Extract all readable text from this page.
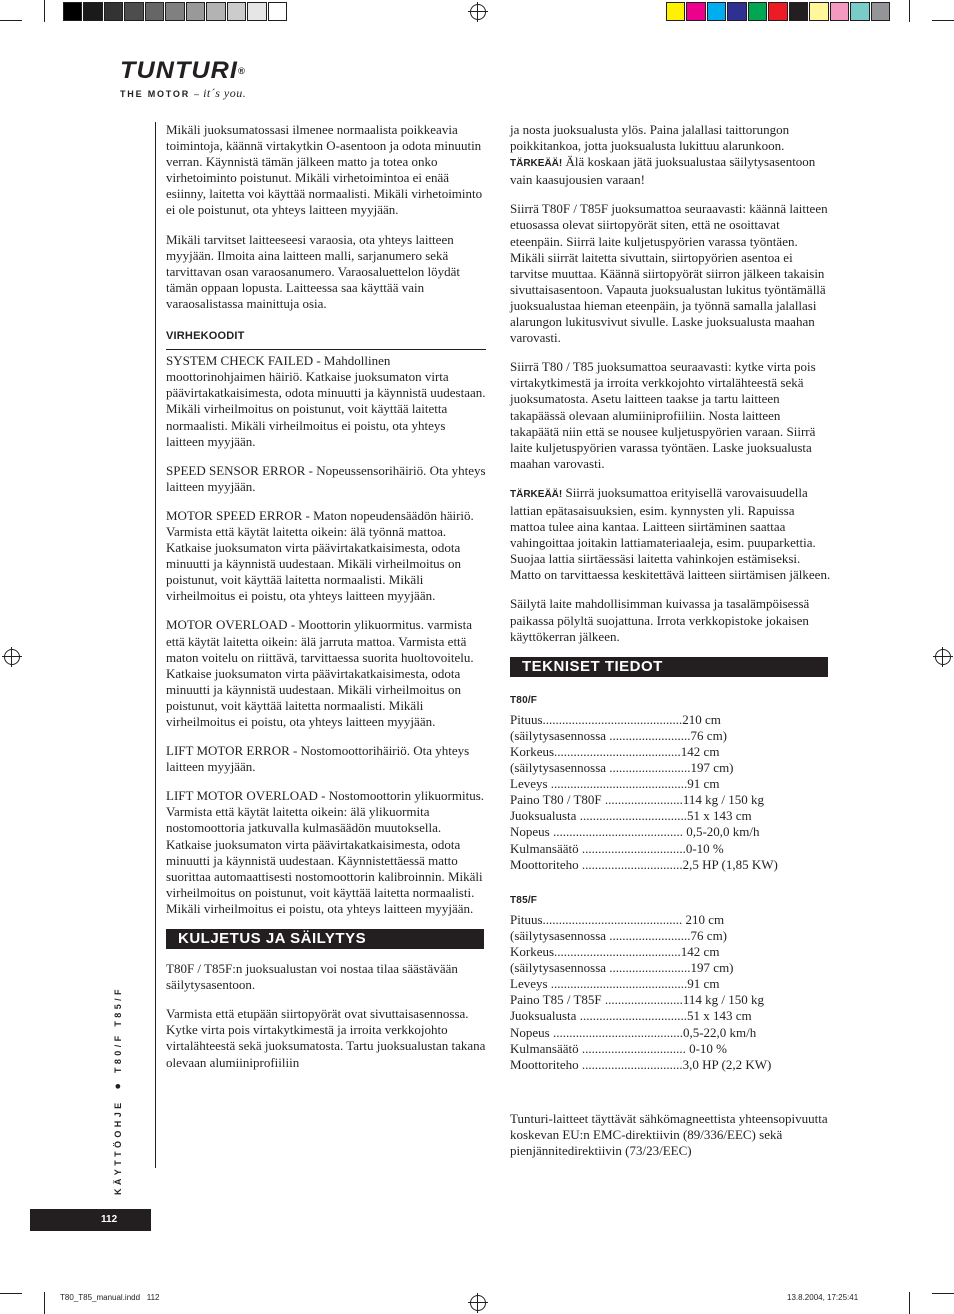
TUNTURI®
THE MOTOR – it´s you.

Mikäli juoksumatossasi ilmenee normaalista poikkeavia toimintoja, käännä virtakytkin O-asentoon ja odota minuutin verran. Käynnistä tämän jälkeen matto ja totea onko virhetoiminto poistunut. Mikäli virhetoimintoa ei enää esiinny, laitetta voi käyttää normaalisti. Mikäli virhetoiminto ei ole poistunut, ota yhteys laitteen myyjään.

Mikäli tarvitset laitteeseesi varaosia, ota yhteys laitteen myyjään. Ilmoita aina laitteen malli, sarjanumero sekä tarvittavan osan varaosanumero. Varaosaluettelon löydät tämän oppaan lopusta. Laitteessa saa käyttää vain varaosalistassa mainittuja osia.

VIRHEKOODIT

SYSTEM CHECK FAILED - Mahdollinen moottorinohjaimen häiriö. Katkaise juoksumaton virta päävirtakatkaisimesta, odota minuutti ja käynnistä uudestaan. Mikäli virheilmoitus on poistunut, voit käyttää laitetta normaalisti. Mikäli virheilmoitus ei poistu, ota yhteys laitteen myyjään.

SPEED SENSOR ERROR - Nopeussensorihäiriö. Ota yhteys laitteen myyjään.

MOTOR SPEED ERROR - Maton nopeudensäädön häiriö. Varmista että käytät laitetta oikein: älä työnnä mattoa. Katkaise juoksumaton virta päävirtakatkaisimesta, odota minuutti ja käynnistä uudestaan. Mikäli virheilmoitus on poistunut, voit käyttää laitetta normaalisti. Mikäli virheilmoitus ei poistu, ota yhteys laitteen myyjään.

MOTOR OVERLOAD - Moottorin ylikuormitus. varmista että käytät laitetta oikein: älä jarruta mattoa. Varmista että maton voitelu on riittävä, tarvittaessa suorita huoltovoitelu. Katkaise juoksumaton virta päävirtakatkaisimesta, odota minuutti ja käynnistä uudestaan. Mikäli virheilmoitus on poistunut, voit käyttää laitetta normaalisti. Mikäli virheilmoitus ei poistu, ota yhteys laitteen myyjään.

LIFT MOTOR ERROR - Nostomoottorihäiriö. Ota yhteys laitteen myyjään.

LIFT MOTOR OVERLOAD - Nostomoottorin ylikuormitus. Varmista että käytät laitetta oikein: älä ylikuormita nostomoottoria jatkuvalla kulmasäädön muutoksella. Katkaise juoksumaton virta päävirtakatkaisimesta, odota minuutti ja käynnistä uudestaan. Käynnistettäessä matto suorittaa automaattisesti nostomoottorin kalibroinnin. Mikäli virheilmoitus on poistunut, voit käyttää laitetta normaalisti. Mikäli virheilmoitus ei poistu, ota yhteys laitteen myyjään.

KULJETUS JA SÄILYTYS

T80F / T85F:n juoksualustan voi nostaa tilaa säästävään säilytysasentoon.

Varmista että etupään siirtopyörät ovat sivuttaisasennossa. Kytke virta pois virtakytkimestä ja irroita verkkojohto virtalähteestä sekä juoksumatosta. Tartu juoksualustan takana olevaan alumiiniprofiiliin

ja nosta juoksualusta ylös. Paina jalallasi taittorungon poikkitankoa, jotta juoksualusta lukittuu alarunkoon.
TÄRKEÄÄ! Älä koskaan jätä juoksualustaa säilytysasentoon vain kaasujousien varaan!

Siirrä T80F / T85F juoksumattoa seuraavasti: käännä laitteen etuosassa olevat siirtopyörät siten, että ne osoittavat eteenpäin. Siirrä laite kuljetuspyörien varassa työntäen. Mikäli siirrät laitetta sivuttain, siirtopyörien asentoa ei tarvitse muuttaa. Käännä siirtopyörät siirron jälkeen takaisin sivuttaisasentoon. Vapauta juoksualustan lukitus työntämällä juoksualustaa hieman eteenpäin, ja työnnä samalla jalallasi alarungon lukitusvivut sivulle. Laske juoksualusta maahan varovasti.

Siirrä T80 / T85 juoksumattoa seuraavasti: kytke virta pois virtakytkimestä ja irroita verkkojohto virtalähteestä sekä juoksumatosta. Asetu laitteen taakse ja tartu laitteen takapäässä olevaan alumiiniprofiiliin. Nosta laitteen takapäätä niin että se nousee kuljetuspyörien varaan. Siirrä laite kuljetuspyörien varassa työntäen. Laske juoksualusta maahan varovasti.

TÄRKEÄÄ! Siirrä juoksumattoa erityisellä varovaisuudella lattian epätasaisuuksien, esim. kynnysten yli. Rapuissa mattoa tulee aina kantaa. Laitteen siirtäminen saattaa vahingoittaa joitakin lattiamateriaaleja, esim. puuparkettia. Suojaa lattia siirtäessäsi laitetta vahinkojen estämiseksi. Matto on tarvittaessa keskitettävä laitteen siirtämisen jälkeen.

Säilytä laite mahdollisimman kuivassa ja tasalämpöisessä paikassa pölyltä suojattuna. Irrota verkkopistoke jokaisen käyttökerran jälkeen.

TEKNISET TIEDOT
T80/F
Pituus ........................................... 210 cm
(säilytysasennossa ......................... 76 cm)
Korkeus ....................................... 142 cm
(säilytysasennossa ......................... 197 cm)
Leveys .......................................... 91 cm
Paino T80 / T80F ........................ 114 kg / 150 kg
Juoksualusta ................................. 51 x 143 cm
Nopeus ........................................ 0,5-20,0 km/h
Kulmansäätö ................................ 0-10 %
Moottoriteho ............................... 2,5 HP (1,85 KW)
T85/F
Pituus ........................................... 210 cm
(säilytysasennossa ......................... 76 cm)
Korkeus ....................................... 142 cm
(säilytysasennossa ......................... 197 cm)
Leveys .......................................... 91 cm
Paino T85 / T85F ........................ 114 kg / 150 kg
Juoksualusta ................................. 51 x 143 cm
Nopeus ........................................ 0,5-22,0 km/h
Kulmansäätö ................................ 0-10 %
Moottoriteho ............................... 3,0 HP (2,2 KW)

Tunturi-laitteet täyttävät sähkömagneettista yhteensopivuutta koskevan EU:n EMC-direktiivin (89/336/EEC) sekä pienjännitedirektiivin (73/23/EEC)

KÄYTTÖOHJE ● T80/F T85/F
112
T80_T85_manual.indd   112	13.8.2004, 17:25:41
